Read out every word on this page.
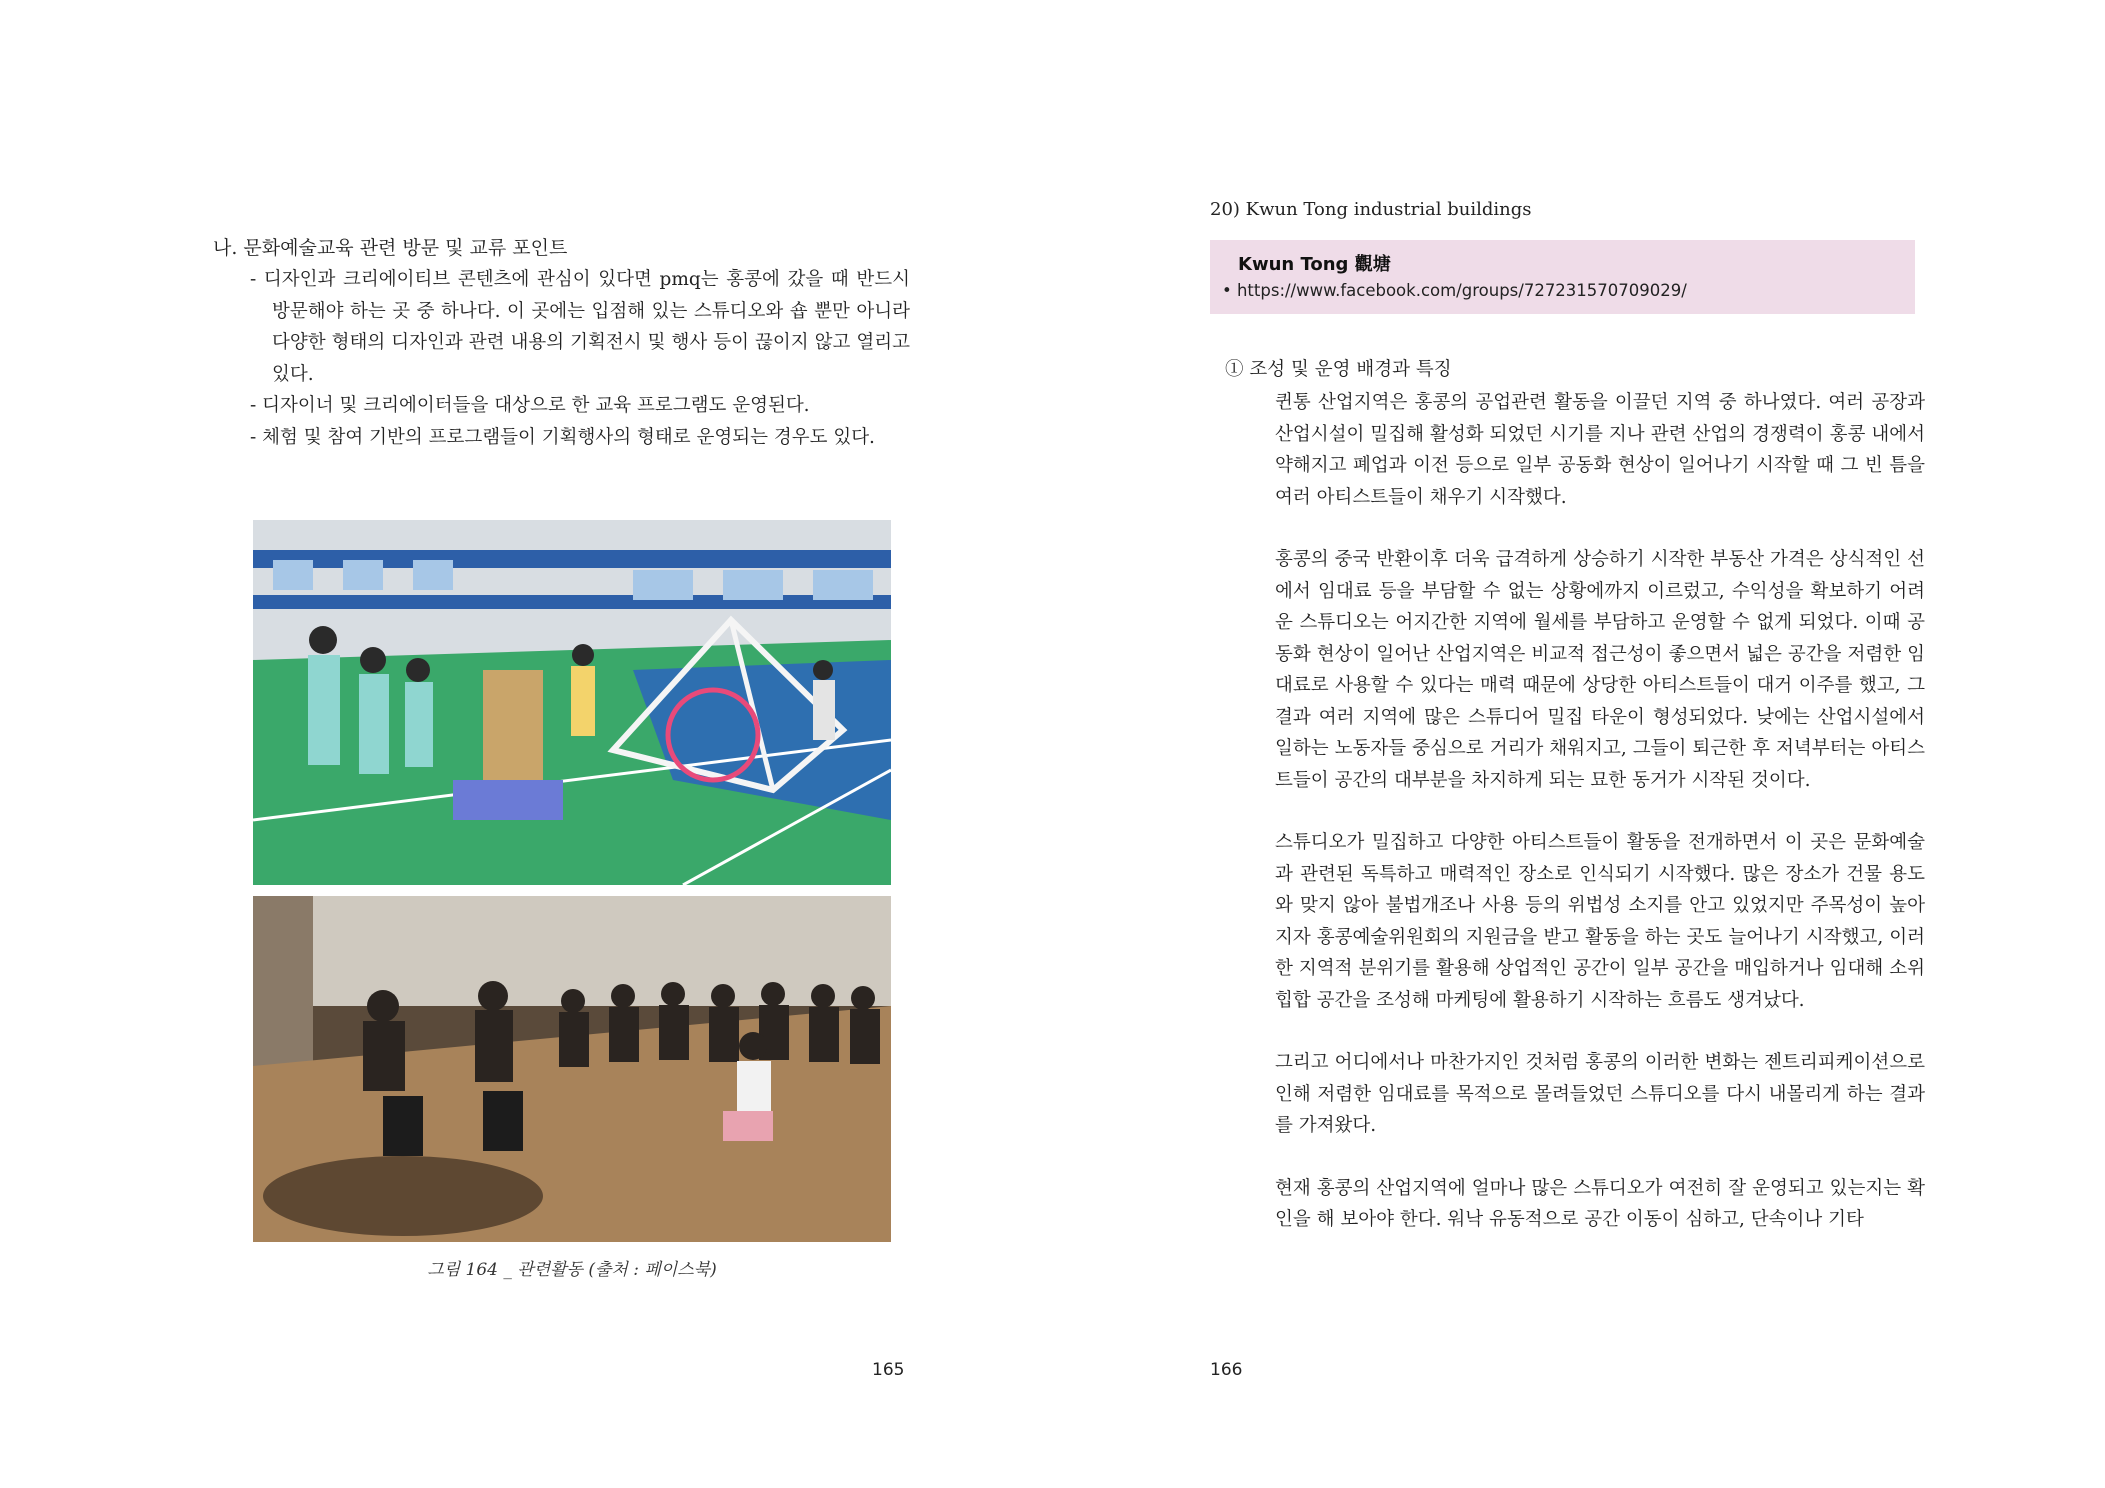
나. 문화예술교육 관련 방문 및 교류 포인트
- 디자인과 크리에이티브 콘텐츠에 관심이 있다면 pmq는 홍콩에 갔을 때 반드시 방문해야 하는 곳 중 하나다. 이 곳에는 입점해 있는 스튜디오와 숍 뿐만 아니라 다양한 형태의 디자인과 관련 내용의 기획전시 및 행사 등이 끊이지 않고 열리고 있다.
- 디자이너 및 크리에이터들을 대상으로 한 교육 프로그램도 운영된다.
- 체험 및 참여 기반의 프로그램들이 기획행사의 형태로 운영되는 경우도 있다.
그림 164 _ 관련활동 (출처 : 페이스북)
165
20) Kwun Tong industrial buildings
Kwun Tong 觀塘
• https://www.facebook.com/groups/727231570709029/
① 조성 및 운영 배경과 특징

퀸통 산업지역은 홍콩의 공업관련 활동을 이끌던 지역 중 하나였다. 여러 공장과 산업시설이 밀집해 활성화 되었던 시기를 지나 관련 산업의 경쟁력이 홍콩 내에서 약해지고 폐업과 이전 등으로 일부 공동화 현상이 일어나기 시작할 때 그 빈 틈을 여러 아티스트들이 채우기 시작했다.

홍콩의 중국 반환이후 더욱 급격하게 상승하기 시작한 부동산 가격은 상식적인 선에서 임대료 등을 부담할 수 없는 상황에까지 이르렀고, 수익성을 확보하기 어려운 스튜디오는 어지간한 지역에 월세를 부담하고 운영할 수 없게 되었다. 이때 공동화 현상이 일어난 산업지역은 비교적 접근성이 좋으면서 넓은 공간을 저렴한 임대료로 사용할 수 있다는 매력 때문에 상당한 아티스트들이 대거 이주를 했고, 그 결과 여러 지역에 많은 스튜디어 밀집 타운이 형성되었다. 낮에는 산업시설에서 일하는 노동자들 중심으로 거리가 채워지고, 그들이 퇴근한 후 저녁부터는 아티스트들이 공간의 대부분을 차지하게 되는 묘한 동거가 시작된 것이다.

스튜디오가 밀집하고 다양한 아티스트들이 활동을 전개하면서 이 곳은 문화예술과 관련된 독특하고 매력적인 장소로 인식되기 시작했다. 많은 장소가 건물 용도와 맞지 않아 불법개조나 사용 등의 위법성 소지를 안고 있었지만 주목성이 높아지자 홍콩예술위원회의 지원금을 받고 활동을 하는 곳도 늘어나기 시작했고, 이러한 지역적 분위기를 활용해 상업적인 공간이 일부 공간을 매입하거나 임대해 소위 힙합 공간을 조성해 마케팅에 활용하기 시작하는 흐름도 생겨났다.

그리고 어디에서나 마찬가지인 것처럼 홍콩의 이러한 변화는 젠트리피케이션으로 인해 저렴한 임대료를 목적으로 몰려들었던 스튜디오를 다시 내몰리게 하는 결과를 가져왔다.

현재 홍콩의 산업지역에 얼마나 많은 스튜디오가 여전히 잘 운영되고 있는지는 확인을 해 보아야 한다. 워낙 유동적으로 공간 이동이 심하고, 단속이나 기타

166
